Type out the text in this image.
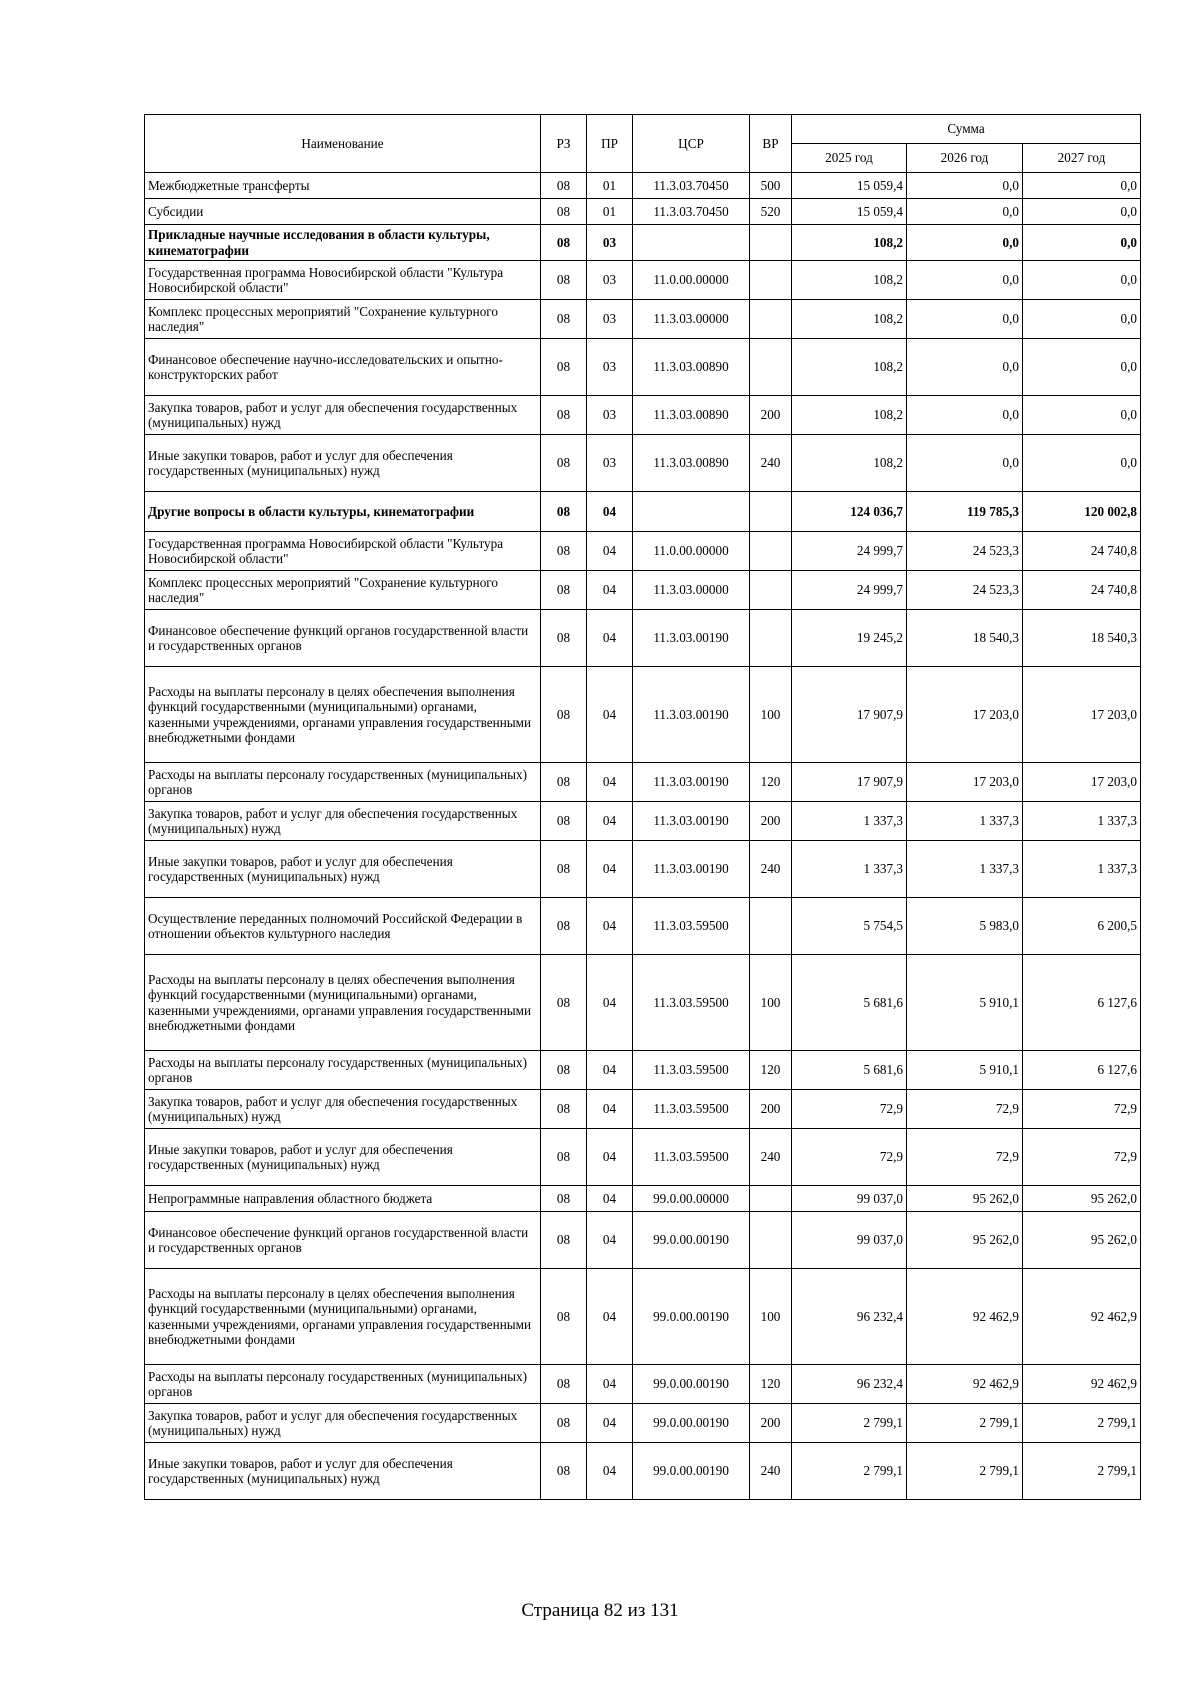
Наименование	РЗ	ПР	ЦСР	ВР	Сумма		
					2025 год	2026 год	2027 год
Межбюджетные трансферты	08	01	11.3.03.70450	500	15 059,4	0,0	0,0
Субсидии	08	01	11.3.03.70450	520	15 059,4	0,0	0,0
Прикладные научные исследования в области культуры, кинематографии	08	03			108,2	0,0	0,0
Государственная программа Новосибирской области "Культура Новосибирской области"	08	03	11.0.00.00000		108,2	0,0	0,0
Комплекс процессных мероприятий "Сохранение культурного наследия"	08	03	11.3.03.00000		108,2	0,0	0,0
Финансовое обеспечение научно-исследовательских и опытно-конструкторских работ	08	03	11.3.03.00890		108,2	0,0	0,0
Закупка товаров, работ и услуг для обеспечения государственных (муниципальных) нужд	08	03	11.3.03.00890	200	108,2	0,0	0,0
Иные закупки товаров, работ и услуг для обеспечения государственных (муниципальных) нужд	08	03	11.3.03.00890	240	108,2	0,0	0,0
Другие вопросы в области культуры, кинематографии	08	04			124 036,7	119 785,3	120 002,8
Государственная программа Новосибирской области "Культура Новосибирской области"	08	04	11.0.00.00000		24 999,7	24 523,3	24 740,8
Комплекс процессных мероприятий "Сохранение культурного наследия"	08	04	11.3.03.00000		24 999,7	24 523,3	24 740,8
Финансовое обеспечение функций органов государственной власти и государственных органов	08	04	11.3.03.00190		19 245,2	18 540,3	18 540,3
Расходы на выплаты персоналу в целях обеспечения выполнения функций государственными (муниципальными) органами, казенными учреждениями, органами управления государственными внебюджетными фондами	08	04	11.3.03.00190	100	17 907,9	17 203,0	17 203,0
Расходы на выплаты персоналу государственных (муниципальных) органов	08	04	11.3.03.00190	120	17 907,9	17 203,0	17 203,0
Закупка товаров, работ и услуг для обеспечения государственных (муниципальных) нужд	08	04	11.3.03.00190	200	1 337,3	1 337,3	1 337,3
Иные закупки товаров, работ и услуг для обеспечения государственных (муниципальных) нужд	08	04	11.3.03.00190	240	1 337,3	1 337,3	1 337,3
Осуществление переданных полномочий Российской Федерации в отношении объектов культурного наследия	08	04	11.3.03.59500		5 754,5	5 983,0	6 200,5
Расходы на выплаты персоналу в целях обеспечения выполнения функций государственными (муниципальными) органами, казенными учреждениями, органами управления государственными внебюджетными фондами	08	04	11.3.03.59500	100	5 681,6	5 910,1	6 127,6
Расходы на выплаты персоналу государственных (муниципальных) органов	08	04	11.3.03.59500	120	5 681,6	5 910,1	6 127,6
Закупка товаров, работ и услуг для обеспечения государственных (муниципальных) нужд	08	04	11.3.03.59500	200	72,9	72,9	72,9
Иные закупки товаров, работ и услуг для обеспечения государственных (муниципальных) нужд	08	04	11.3.03.59500	240	72,9	72,9	72,9
Непрограммные направления областного бюджета	08	04	99.0.00.00000		99 037,0	95 262,0	95 262,0
Финансовое обеспечение функций органов государственной власти и государственных органов	08	04	99.0.00.00190		99 037,0	95 262,0	95 262,0
Расходы на выплаты персоналу в целях обеспечения выполнения функций государственными (муниципальными) органами, казенными учреждениями, органами управления государственными внебюджетными фондами	08	04	99.0.00.00190	100	96 232,4	92 462,9	92 462,9
Расходы на выплаты персоналу государственных (муниципальных) органов	08	04	99.0.00.00190	120	96 232,4	92 462,9	92 462,9
Закупка товаров, работ и услуг для обеспечения государственных (муниципальных) нужд	08	04	99.0.00.00190	200	2 799,1	2 799,1	2 799,1
Иные закупки товаров, работ и услуг для обеспечения государственных (муниципальных) нужд	08	04	99.0.00.00190	240	2 799,1	2 799,1	2 799,1
Страница 82 из 131
